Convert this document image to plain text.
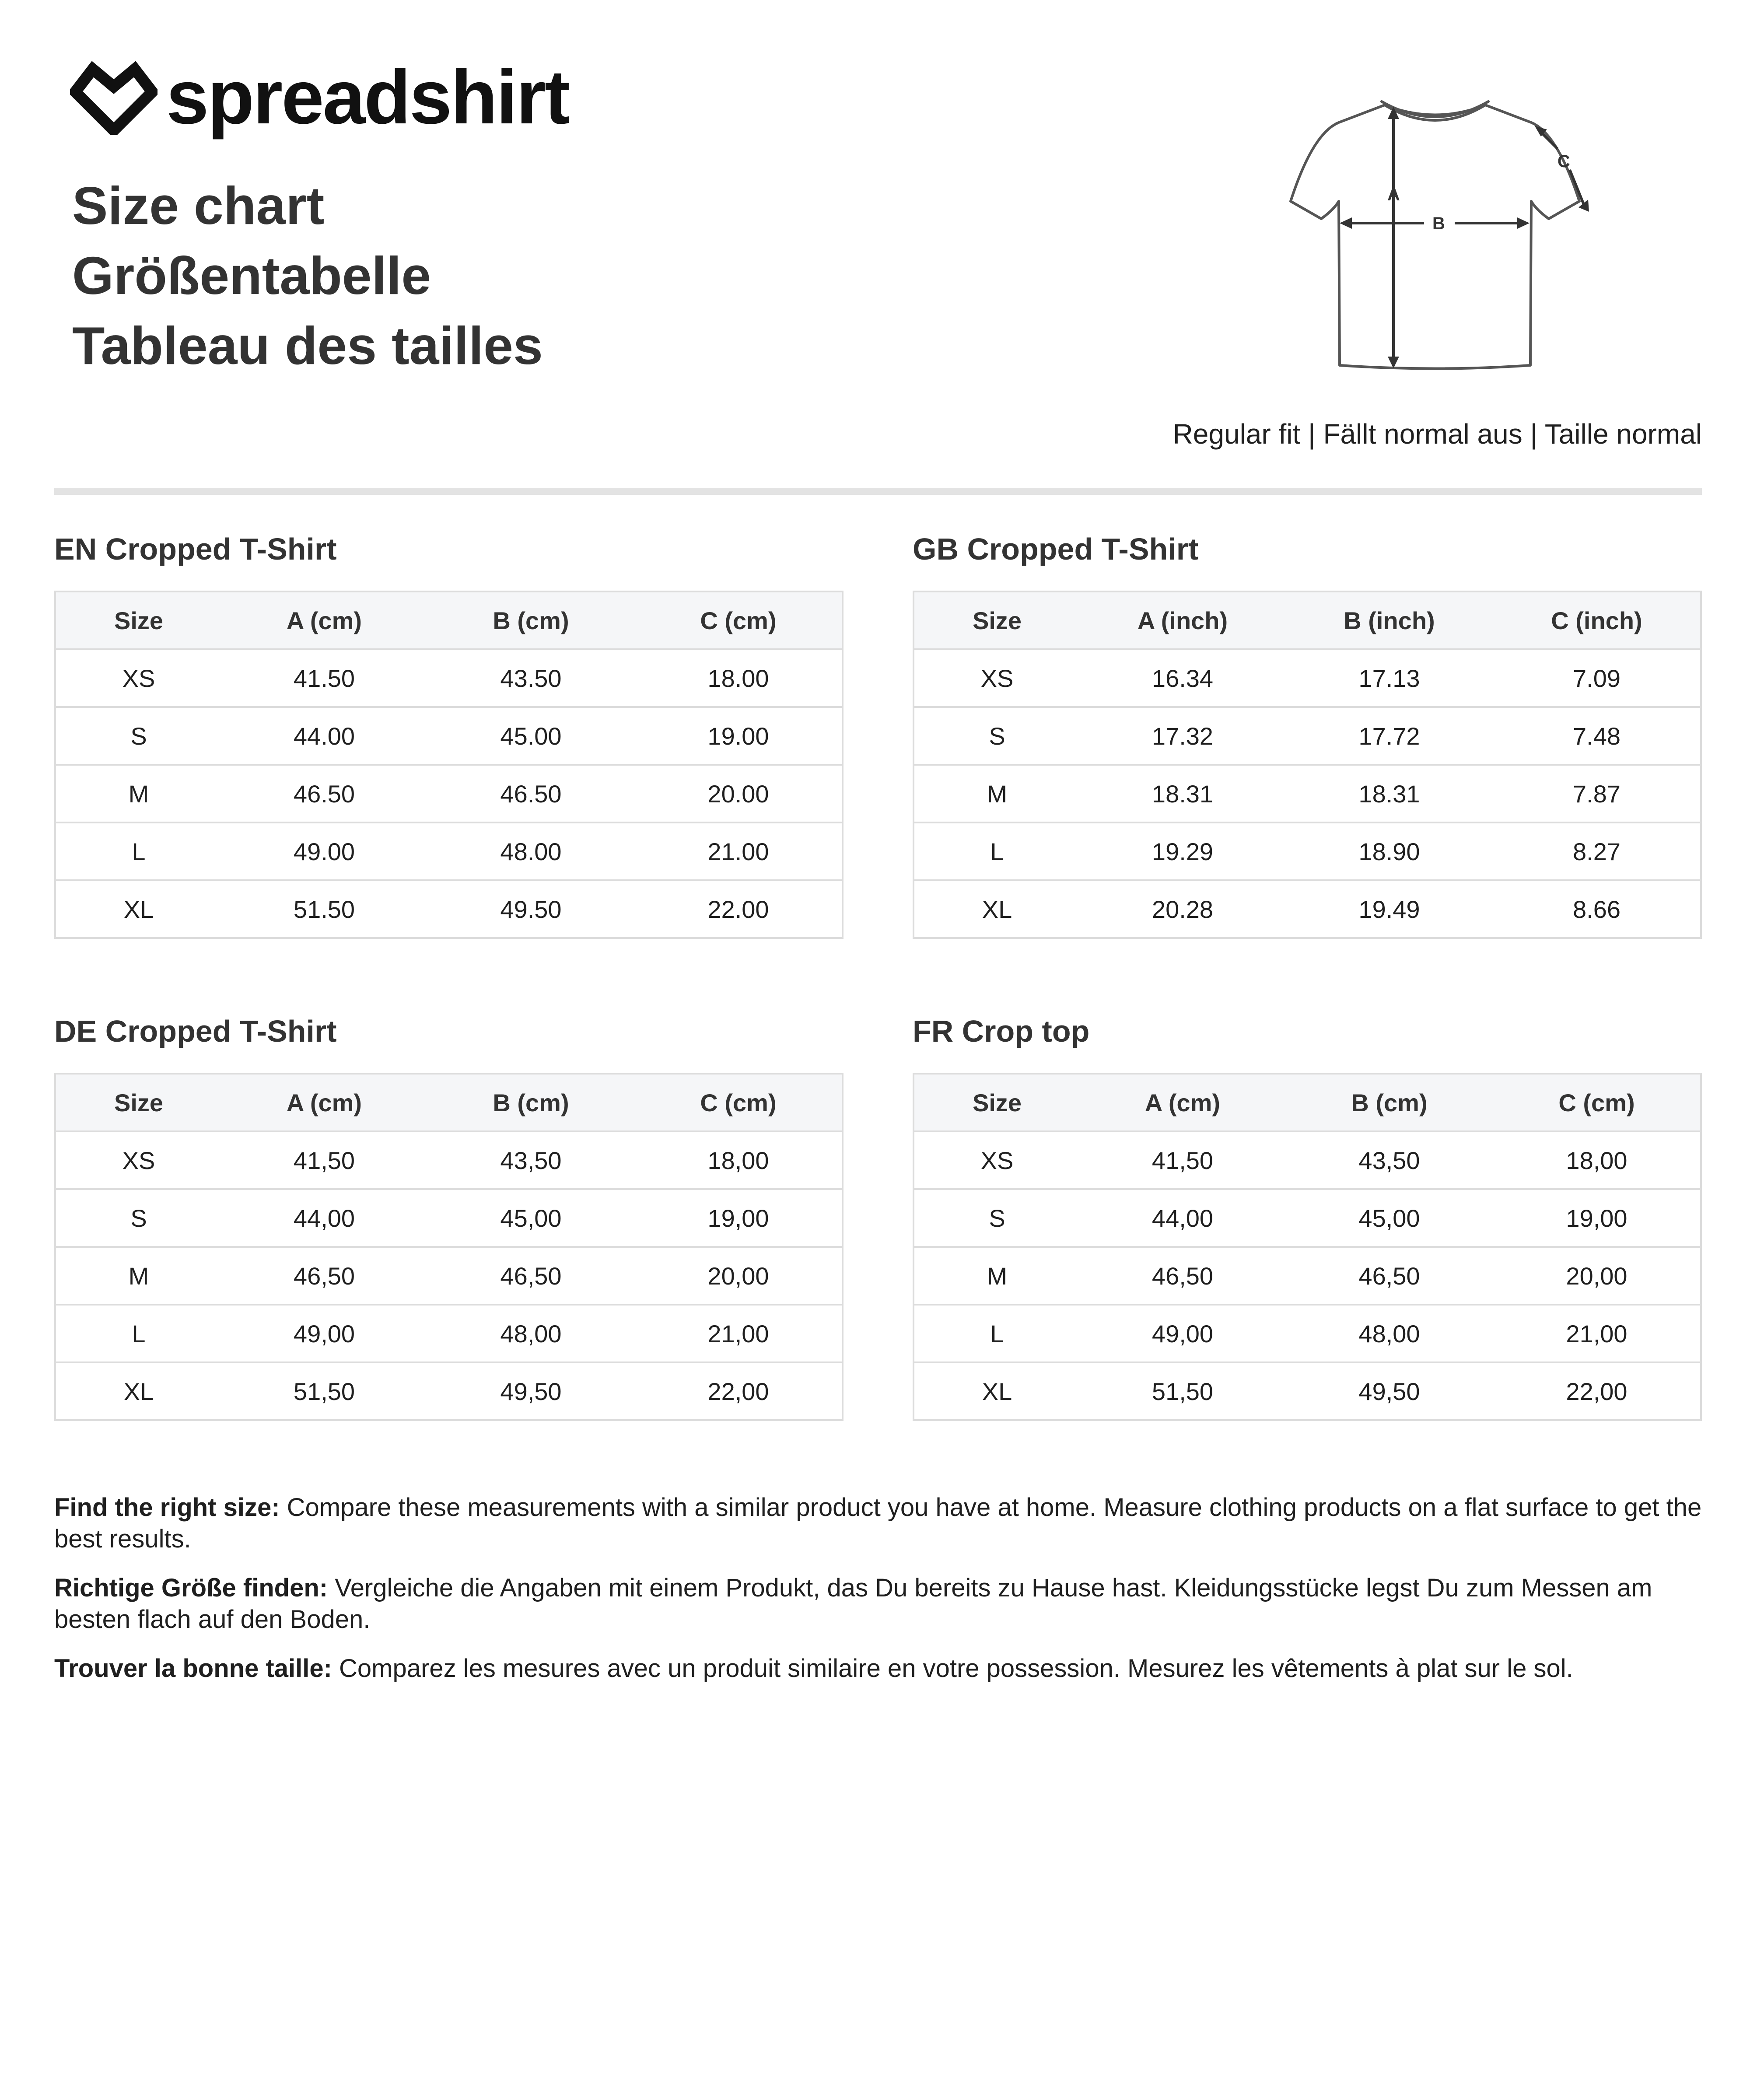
spreadshirt
Size chart
Größentabelle
Tableau des tailles
A
B
C
Regular fit | Fällt normal aus | Taille normal
EN Cropped T-Shirt
Size	A (cm)	B (cm)	C (cm)
XS	41.50	43.50	18.00
S	44.00	45.00	19.00
M	46.50	46.50	20.00
L	49.00	48.00	21.00
XL	51.50	49.50	22.00
GB Cropped T-Shirt
Size	A (inch)	B (inch)	C (inch)
XS	16.34	17.13	7.09
S	17.32	17.72	7.48
M	18.31	18.31	7.87
L	19.29	18.90	8.27
XL	20.28	19.49	8.66
DE Cropped T-Shirt
Size	A (cm)	B (cm)	C (cm)
XS	41,50	43,50	18,00
S	44,00	45,00	19,00
M	46,50	46,50	20,00
L	49,00	48,00	21,00
XL	51,50	49,50	22,00
FR Crop top
Size	A (cm)	B (cm)	C (cm)
XS	41,50	43,50	18,00
S	44,00	45,00	19,00
M	46,50	46,50	20,00
L	49,00	48,00	21,00
XL	51,50	49,50	22,00

Find the right size: Compare these measurements with a similar product you have at home. Measure clothing products on a flat surface to get the best results.

Richtige Größe finden: Vergleiche die Angaben mit einem Produkt, das Du bereits zu Hause hast. Kleidungsstücke legst Du zum Messen am besten flach auf den Boden.

Trouver la bonne taille: Comparez les mesures avec un produit similaire en votre possession. Mesurez les vêtements à plat sur le sol.
